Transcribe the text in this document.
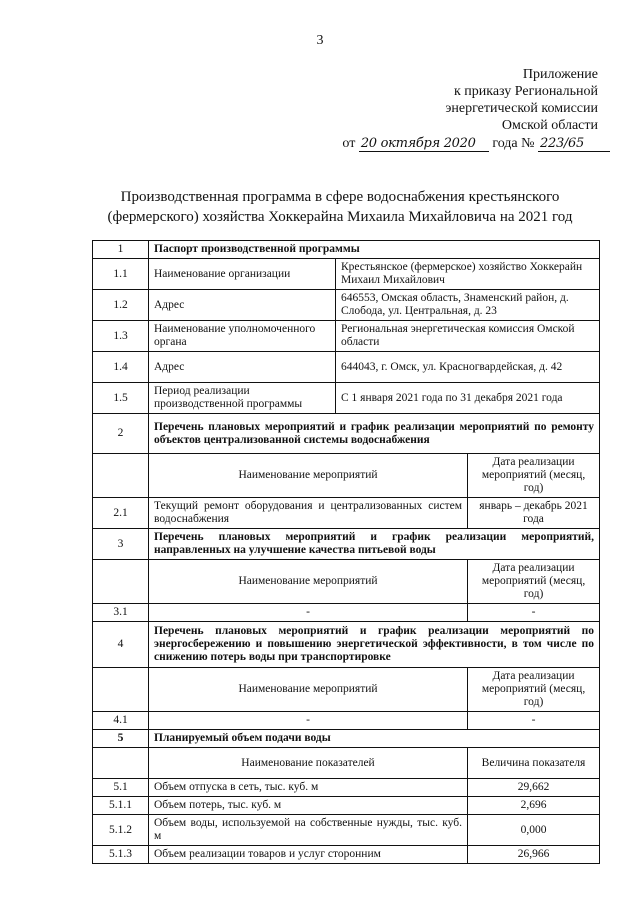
3
Приложение
к приказу Региональной
энергетической комиссии
Омской области
от 20 октября 2020 года № 223/65
Производственная программа в сфере водоснабжения крестьянского
(фермерского) хозяйства Хоккерайна Михаила Михайловича на 2021 год
1	Паспорт производственной программы		
1.1	Наименование организации	Крестьянское (фермерское) хозяйство Хоккерайн Михаил Михайлович	
1.2	Адрес	646553, Омская область, Знаменский район, д. Слобода, ул. Центральная, д. 23	
1.3	Наименование уполномоченного органа	Региональная энергетическая комиссия Омской области	
1.4	Адрес	644043, г. Омск, ул. Красногвардейская, д. 42	
1.5	Период реализации производственной программы	С 1 января 2021 года по 31 декабря 2021 года	
2	Перечень плановых мероприятий и график реализации мероприятий по ремонту объектов централизованной системы водоснабжения		
	Наименование мероприятий		Дата реализации мероприятий (месяц, год)
2.1	Текущий ремонт оборудования и централизованных систем водоснабжения		январь – декабрь 2021 года
3	Перечень плановых мероприятий и график реализации мероприятий, направленных на улучшение качества питьевой воды		
	Наименование мероприятий		Дата реализации мероприятий (месяц, год)
3.1	-		-
4	Перечень плановых мероприятий и график реализации мероприятий по энергосбережению и повышению энергетической эффективности, в том числе по снижению потерь воды при транспортировке		
	Наименование мероприятий		Дата реализации мероприятий (месяц, год)
4.1	-		-
5	Планируемый объем подачи воды		
	Наименование показателей		Величина показателя
5.1	Объем отпуска в сеть, тыс. куб. м		29,662
5.1.1	Объем потерь, тыс. куб. м		2,696
5.1.2	Объем воды, используемой на собственные нужды, тыс. куб. м		0,000
5.1.3	Объем реализации товаров и услуг сторонним		26,966
